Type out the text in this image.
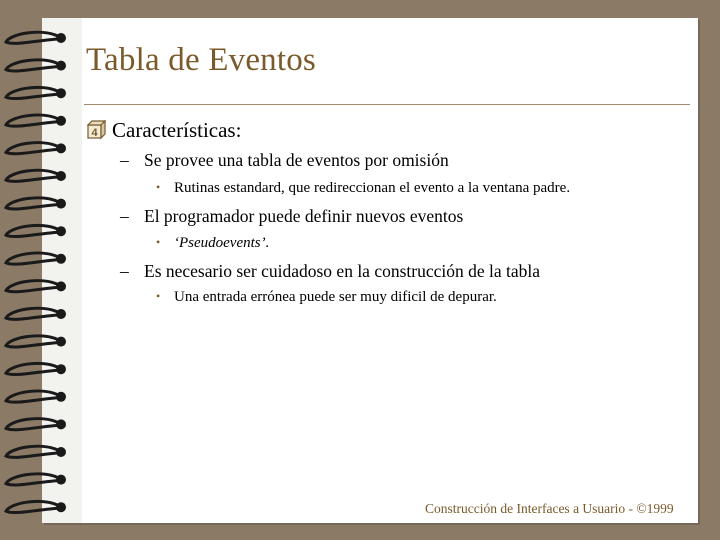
Tabla de Eventos
4 Características:
– Se provee una tabla de eventos por omisión
• Rutinas estandard, que redireccionan el evento a la ventana padre.
– El programador puede definir nuevos eventos
• ‘Pseudoevents’.
– Es necesario ser cuidadoso en la construcción de la tabla
• Una entrada errónea puede ser muy dificil de depurar.
Construcción de Interfaces a Usuario - ©1999
